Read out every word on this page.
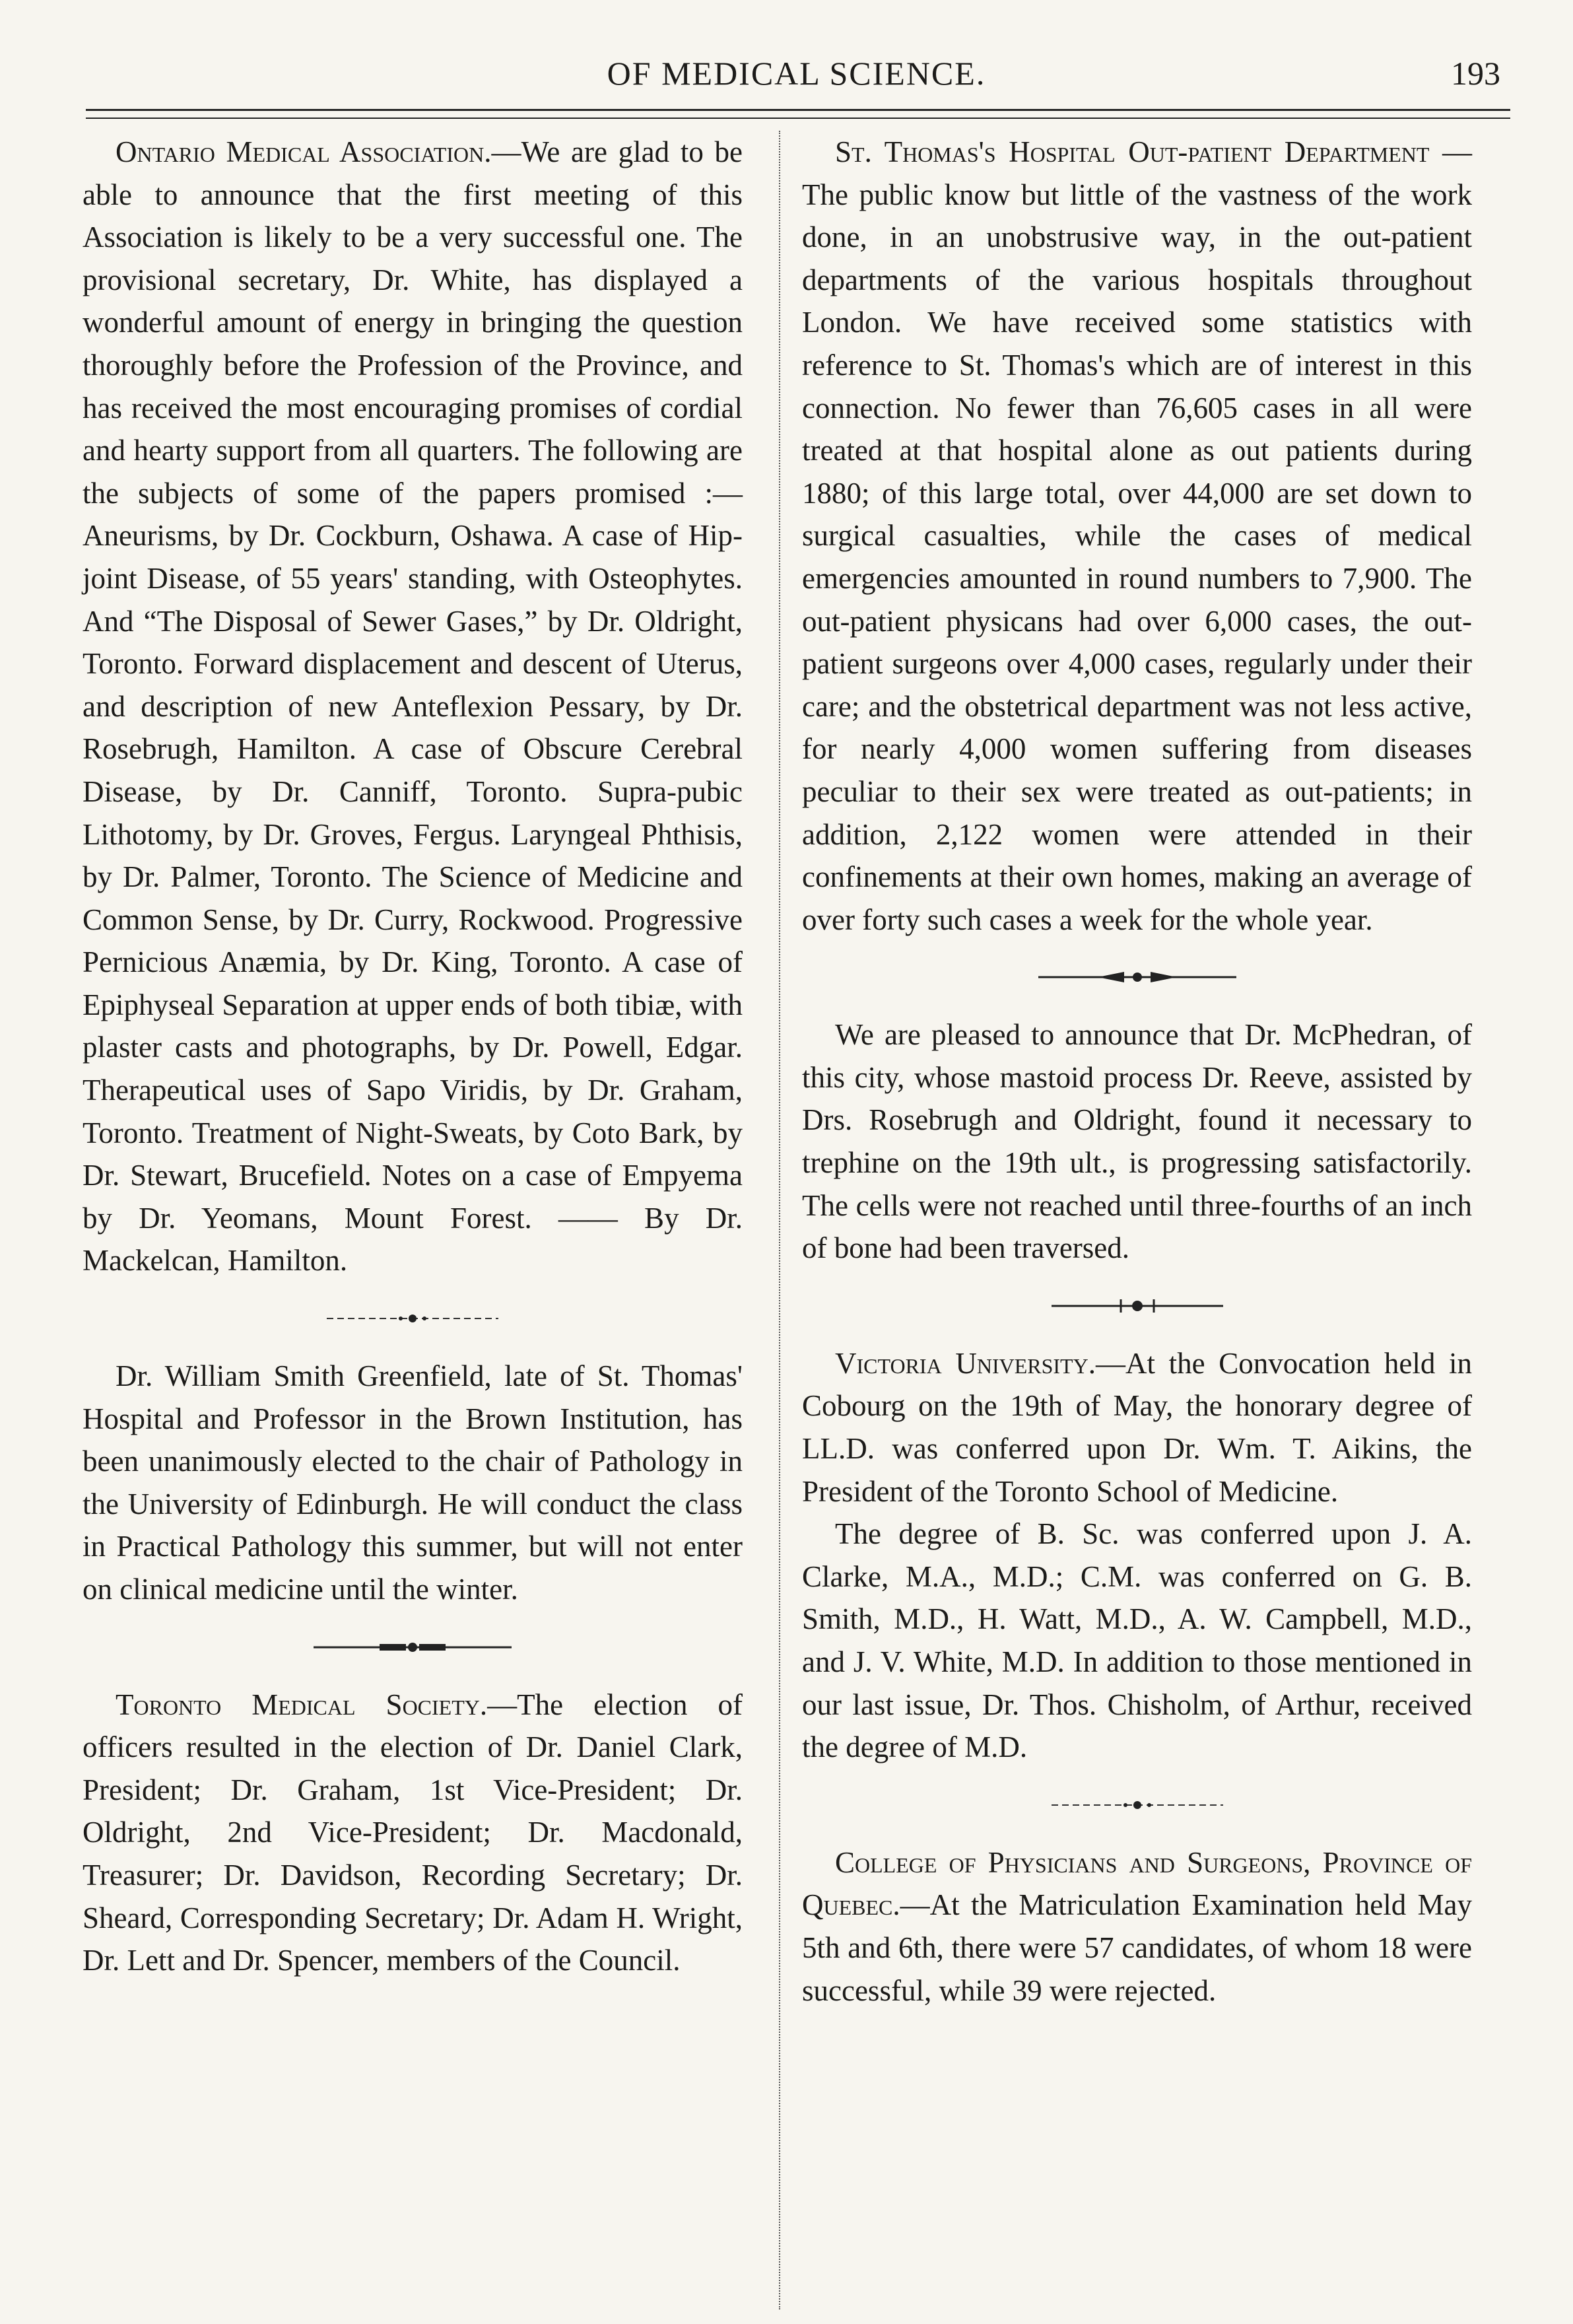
OF MEDICAL SCIENCE.	193

Ontario Medical Association.—We are glad to be able to announce that the first meeting of this Association is likely to be a very successful one. The provisional secretary, Dr. White, has displayed a wonderful amount of energy in bringing the question thoroughly before the Profession of the Province, and has received the most encouraging promises of cordial and hearty support from all quarters. The following are the subjects of some of the papers promised :—Aneurisms, by Dr. Cockburn, Oshawa. A case of Hip-joint Disease, of 55 years' standing, with Osteophytes. And “The Disposal of Sewer Gases,” by Dr. Oldright, Toronto. Forward displacement and descent of Uterus, and description of new Anteflexion Pessary, by Dr. Rosebrugh, Hamilton. A case of Obscure Cerebral Disease, by Dr. Canniff, Toronto. Supra-pubic Lithotomy, by Dr. Groves, Fergus. Laryngeal Phthisis, by Dr. Palmer, Toronto. The Science of Medicine and Common Sense, by Dr. Curry, Rockwood. Progressive Pernicious Anæmia, by Dr. King, Toronto. A case of Epiphyseal Separation at upper ends of both tibiæ, with plaster casts and photographs, by Dr. Powell, Edgar. Therapeutical uses of Sapo Viridis, by Dr. Graham, Toronto. Treatment of Night-Sweats, by Coto Bark, by Dr. Stewart, Brucefield. Notes on a case of Empyema by Dr. Yeomans, Mount Forest. —— By Dr. Mackelcan, Hamilton.

Dr. William Smith Greenfield, late of St. Thomas' Hospital and Professor in the Brown Institution, has been unanimously elected to the chair of Pathology in the University of Edinburgh. He will conduct the class in Practical Pathology this summer, but will not enter on clinical medicine until the winter.

Toronto Medical Society.—The election of officers resulted in the election of Dr. Daniel Clark, President; Dr. Graham, 1st Vice-President; Dr. Oldright, 2nd Vice-President; Dr. Macdonald, Treasurer; Dr. Davidson, Recording Secretary; Dr. Sheard, Corresponding Secretary; Dr. Adam H. Wright, Dr. Lett and Dr. Spencer, members of the Council.

St. Thomas's Hospital Out-patient Department —The public know but little of the vastness of the work done, in an unobstrusive way, in the out-patient departments of the various hospitals throughout London. We have received some statistics with reference to St. Thomas's which are of interest in this connection. No fewer than 76,605 cases in all were treated at that hospital alone as out patients during 1880; of this large total, over 44,000 are set down to surgical casualties, while the cases of medical emergencies amounted in round numbers to 7,900. The out-patient physicans had over 6,000 cases, the out-patient surgeons over 4,000 cases, regularly under their care; and the obstetrical department was not less active, for nearly 4,000 women suffering from diseases peculiar to their sex were treated as out-patients; in addition, 2,122 women were attended in their confinements at their own homes, making an average of over forty such cases a week for the whole year.

We are pleased to announce that Dr. McPhedran, of this city, whose mastoid process Dr. Reeve, assisted by Drs. Rosebrugh and Oldright, found it necessary to trephine on the 19th ult., is progressing satisfactorily. The cells were not reached until three-fourths of an inch of bone had been traversed.

Victoria University.—At the Convocation held in Cobourg on the 19th of May, the honorary degree of LL.D. was conferred upon Dr. Wm. T. Aikins, the President of the Toronto School of Medicine.

The degree of B. Sc. was conferred upon J. A. Clarke, M.A., M.D.; C.M. was conferred on G. B. Smith, M.D., H. Watt, M.D., A. W. Campbell, M.D., and J. V. White, M.D. In addition to those mentioned in our last issue, Dr. Thos. Chisholm, of Arthur, received the degree of M.D.

College of Physicians and Surgeons, Province of Quebec.—At the Matriculation Examination held May 5th and 6th, there were 57 candidates, of whom 18 were successful, while 39 were rejected.
